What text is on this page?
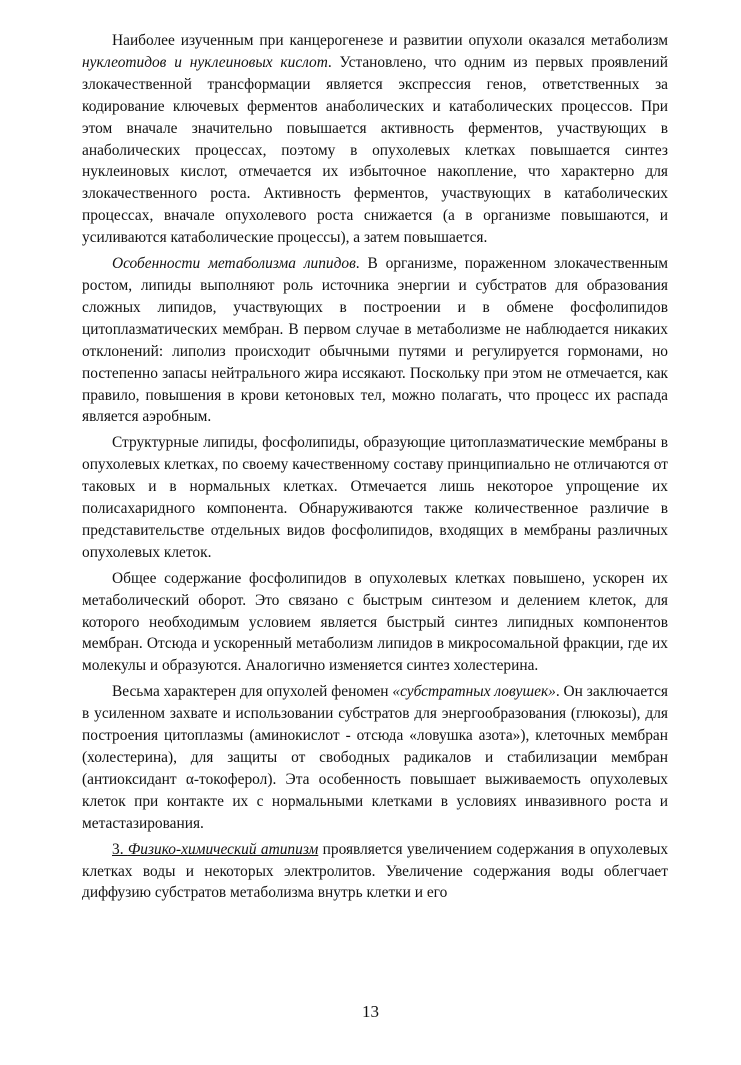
Наиболее изученным при канцерогенезе и развитии опухоли оказался метаболизм нуклеотидов и нуклеиновых кислот. Установлено, что одним из первых проявлений злокачественной трансформации является экспрессия генов, ответственных за кодирование ключевых ферментов анаболических и катаболических процессов. При этом вначале значительно повышается активность ферментов, участвующих в анаболических процессах, поэтому в опухолевых клетках повышается синтез нуклеиновых кислот, отмечается их избыточное накопление, что характерно для злокачественного роста. Активность ферментов, участвующих в катаболических процессах, вначале опухолевого роста снижается (а в организме повышаются, и усиливаются катаболические процессы), а затем повышается.

Особенности метаболизма липидов. В организме, пораженном злокачественным ростом, липиды выполняют роль источника энергии и субстратов для образования сложных липидов, участвующих в построении и в обмене фосфолипидов цитоплазматических мембран. В первом случае в метаболизме не наблюдается никаких отклонений: липолиз происходит обычными путями и регулируется гормонами, но постепенно запасы нейтрального жира иссякают. Поскольку при этом не отмечается, как правило, повышения в крови кетоновых тел, можно полагать, что процесс их распада является аэробным.

Структурные липиды, фосфолипиды, образующие цитоплазматические мембраны в опухолевых клетках, по своему качественному составу принципиально не отличаются от таковых и в нормальных клетках. Отмечается лишь некоторое упрощение их полисахаридного компонента. Обнаруживаются также количественное различие в представительстве отдельных видов фосфолипидов, входящих в мембраны различных опухолевых клеток.

Общее содержание фосфолипидов в опухолевых клетках повышено, ускорен их метаболический оборот. Это связано с быстрым синтезом и делением клеток, для которого необходимым условием является быстрый синтез липидных компонентов мембран. Отсюда и ускоренный метаболизм липидов в микросомальной фракции, где их молекулы и образуются. Аналогично изменяется синтез холестерина.

Весьма характерен для опухолей феномен «субстратных ловушек». Он заключается в усиленном захвате и использовании субстратов для энергообразования (глюкозы), для построения цитоплазмы (аминокислот - отсюда «ловушка азота»), клеточных мембран (холестерина), для защиты от свободных радикалов и стабилизации мембран (антиоксидант α-токоферол). Эта особенность повышает выживаемость опухолевых клеток при контакте их с нормальными клетками в условиях инвазивного роста и метастазирования.

3. Физико-химический атипизм проявляется увеличением содержания в опухолевых клетках воды и некоторых электролитов. Увеличение содержания воды облегчает диффузию субстратов метаболизма внутрь клетки и его

13
